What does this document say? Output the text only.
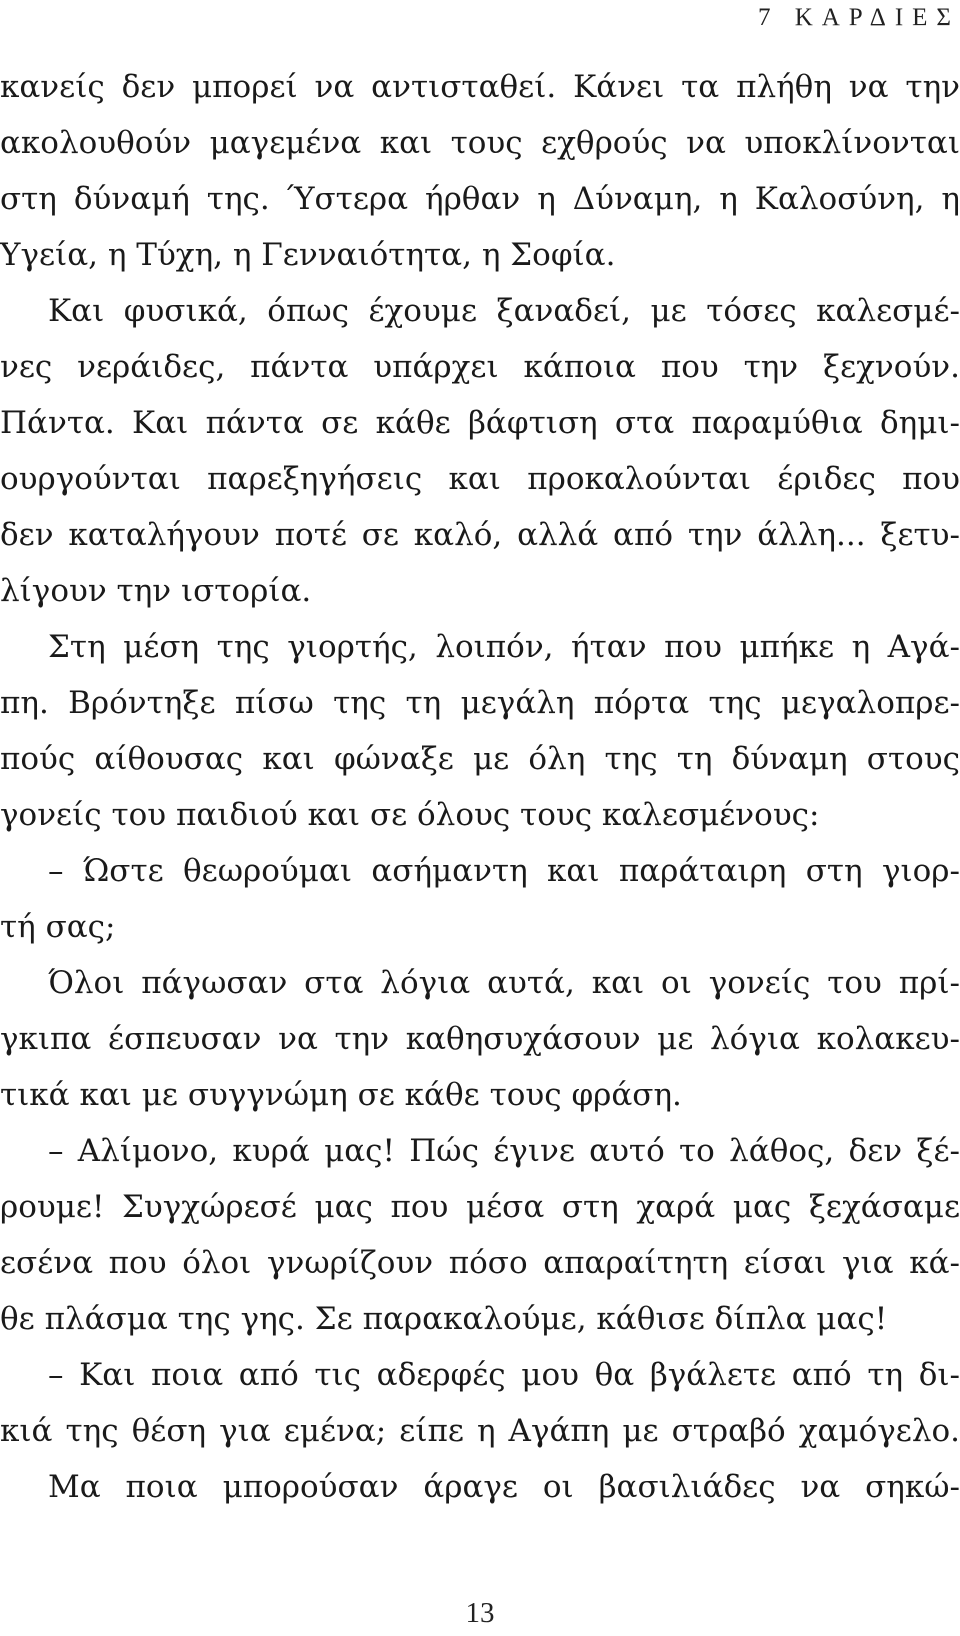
7 ΚΑΡΔΙΕΣ
κανείς δεν μπορεί να αντισταθεί. Κάνει τα πλήθη να την
ακολουθούν μαγεμένα και τους εχθρούς να υποκλίνονται
στη δύναμή της. Ύστερα ήρθαν η Δύναμη, η Καλοσύνη, η
Υγεία, η Τύχη, η Γενναιότητα, η Σοφία.
Και φυσικά, όπως έχουμε ξαναδεί, με τόσες καλεσμέ-
νες νεράιδες, πάντα υπάρχει κάποια που την ξεχνούν.
Πάντα. Και πάντα σε κάθε βάφτιση στα παραμύθια δημι-
ουργούνται παρεξηγήσεις και προκαλούνται έριδες που
δεν καταλήγουν ποτέ σε καλό, αλλά από την άλλη... ξετυ-
λίγουν την ιστορία.
Στη μέση της γιορτής, λοιπόν, ήταν που μπήκε η Αγά-
πη. Βρόντηξε πίσω της τη μεγάλη πόρτα της μεγαλοπρε-
πούς αίθουσας και φώναξε με όλη της τη δύναμη στους
γονείς του παιδιού και σε όλους τους καλεσμένους:
– Ώστε θεωρούμαι ασήμαντη και παράταιρη στη γιορ-
τή σας;
Όλοι πάγωσαν στα λόγια αυτά, και οι γονείς του πρί-
γκιπα έσπευσαν να την καθησυχάσουν με λόγια κολακευ-
τικά και με συγγνώμη σε κάθε τους φράση.
– Αλίμονο, κυρά μας! Πώς έγινε αυτό το λάθος, δεν ξέ-
ρουμε! Συγχώρεσέ μας που μέσα στη χαρά μας ξεχάσαμε
εσένα που όλοι γνωρίζουν πόσο απαραίτητη είσαι για κά-
θε πλάσμα της γης. Σε παρακαλούμε, κάθισε δίπλα μας!
– Και ποια από τις αδερφές μου θα βγάλετε από τη δι-
κιά της θέση για εμένα; είπε η Αγάπη με στραβό χαμόγελο.
Μα ποια μπορούσαν άραγε οι βασιλιάδες να σηκώ-
13
